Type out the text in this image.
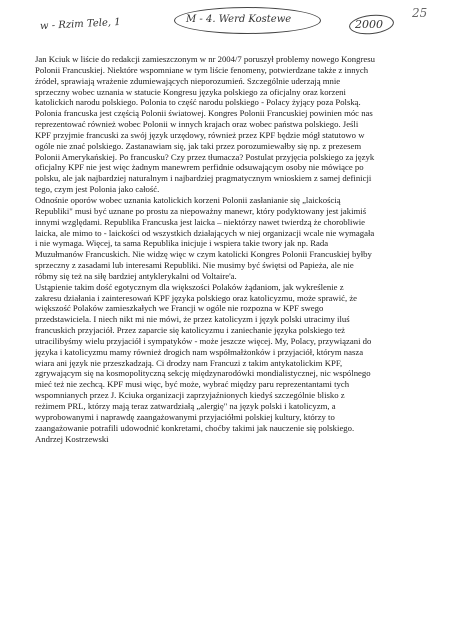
w - Rzim Tele, 1	M - 4. Werd Kostewe	2000
25
Jan Kciuk w liście do redakcji zamieszczonym w nr 2004/7 poruszył problemy nowego Kongresu
Polonii Francuskiej. Niektóre wspomniane w tym liście fenomeny, potwierdzane także z innych
źródeł, sprawiają wrażenie zdumiewających nieporozumień. Szczególnie uderzają mnie
sprzeczny wobec uznania w statucie Kongresu języka polskiego za oficjalny oraz korzeni
katolickich narodu polskiego. Polonia to część narodu polskiego - Polacy żyjący poza Polską.
Polonia francuska jest częścią Polonii światowej. Kongres Polonii Francuskiej powinien móc nas
reprezentować również wobec Polonii w innych krajach oraz wobec państwa polskiego. Jeśli
KPF przyjmie francuski za swój język urzędowy, również przez KPF będzie mógł statutowo w
ogóle nie znać polskiego. Zastanawiam się, jak taki przez porozumiewałby się np. z prezesem
Polonii Amerykańskiej. Po francusku? Czy przez tłumacza? Postulat przyjęcia polskiego za język
oficjalny KPF nie jest więc żadnym manewrem perfidnie odsuwającym osoby nie mówiące po
polsku, ale jak najbardziej naturalnym i najbardziej pragmatycznym wnioskiem z samej definicji
tego, czym jest Polonia jako całość.
Odnośnie oporów wobec uznania katolickich korzeni Polonii zasłanianie się „laickością
Republiki" musi być uznane po prostu za niepoważny manewr, który podyktowany jest jakimiś
innymi względami. Republika Francuska jest laicka – niektórzy nawet twierdzą że chorobliwie
laicka, ale mimo to - laickości od wszystkich działających w niej organizacji wcale nie wymagała
i nie wymaga. Więcej, ta sama Republika inicjuje i wspiera takie twory jak np. Rada
Muzułmanów Francuskich. Nie widzę więc w czym katolicki Kongres Polonii Francuskiej byłby
sprzeczny z zasadami lub interesami Republiki. Nie musimy być świętsi od Papieża, ale nie
róbmy się też na siłę bardziej antyklerykalni od Voltaire'a.
Ustąpienie takim dość egotycznym dla większości Polaków żądaniom, jak wykreślenie z
zakresu działania i zainteresowań KPF języka polskiego oraz katolicyzmu, może sprawić, że
większość Polaków zamieszkałych we Francji w ogóle nie rozpozna w KPF swego
przedstawiciela. I niech nikt mi nie mówi, że przez katolicyzm i język polski utracimy iluś
francuskich przyjaciół. Przez zaparcie się katolicyzmu i zaniechanie języka polskiego też
utracilibyśmy wielu przyjaciół i sympatyków - może jeszcze więcej. My, Polacy, przywiązani do
języka i katolicyzmu mamy również drogich nam współmałżonków i przyjaciół, którym nasza
wiara ani język nie przeszkadzają. Ci drodzy nam Francuzi z takim antykatolickim KPF,
zgrywającym się na kosmopolityczną sekcję międzynarodówki mondialistycznej, nic wspólnego
mieć też nie zechcą. KPF musi więc, być może, wybrać między paru reprezentantami tych
wspomnianych przez J. Kciuka organizacji zaprzyjaźnionych kiedyś szczególnie blisko z
reżimem PRL, którzy mają teraz zatwardziałą „alergię" na język polski i katolicyzm, a
wyprobowanymi i naprawdę zaangażowanymi przyjaciółmi polskiej kultury, którzy to
zaangażowanie potrafili udowodnić konkretami, choćby takimi jak nauczenie się polskiego.
Andrzej Kostrzewski
